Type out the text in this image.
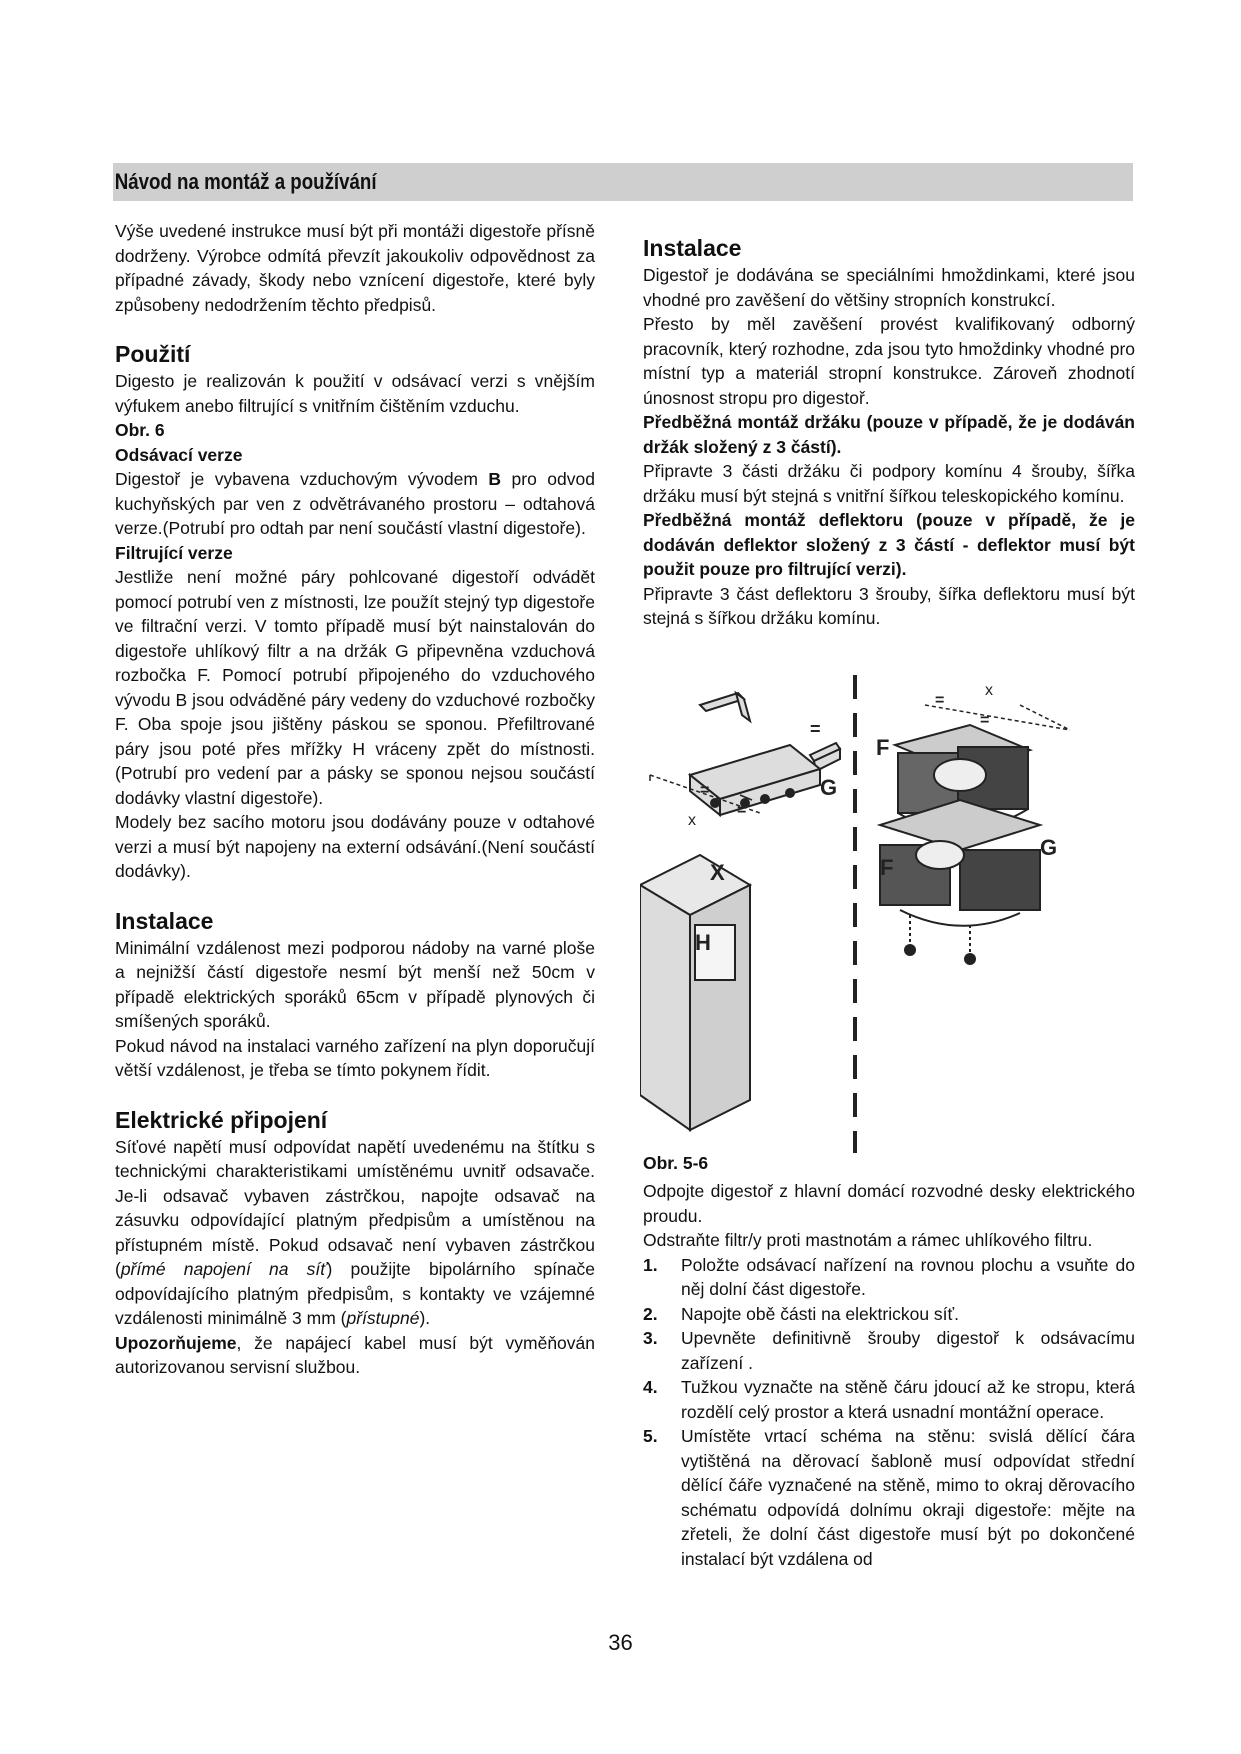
Návod na montáž a používání

Výše uvedené instrukce musí být při montáži digestoře přísně dodrženy. Výrobce odmítá převzít jakoukoliv odpovědnost za případné závady, škody nebo vznícení digestoře, které byly způsobeny nedodržením těchto předpisů.

Použití

Digesto je realizován k použití v odsávací verzi s vnějším výfukem anebo filtrující s vnitřním čištěním vzduchu.

Obr. 6
Odsávací verze

Digestoř je vybavena vzduchovým vývodem B pro odvod kuchyňských par ven z odvětrávaného prostoru – odtahová verze.(Potrubí pro odtah par není součástí vlastní digestoře).

Filtrující verze

Jestliže není možné páry pohlcované digestoří odvádět pomocí potrubí ven z místnosti, lze použít stejný typ digestoře ve filtrační verzi. V tomto případě musí být nainstalován do digestoře uhlíkový filtr a na držák G připevněna vzduchová rozbočka F. Pomocí potrubí připojeného do vzduchového vývodu B jsou odváděné páry vedeny do vzduchové rozbočky F. Oba spoje jsou jištěny páskou se sponou. Přefiltrované páry jsou poté přes mřížky H vráceny zpět do místnosti.(Potrubí pro vedení par a pásky se sponou nejsou součástí dodávky vlastní digestoře).

Modely bez sacího motoru jsou dodávány pouze v odtahové verzi a musí být napojeny na externí odsávání.(Není součástí dodávky).

Instalace

Minimální vzdálenost mezi podporou nádoby na varné ploše a nejnižší částí digestoře nesmí být menší než 50cm v případě elektrických sporáků 65cm v případě plynových či smíšených sporáků.

Pokud návod na instalaci varného zařízení na plyn doporučují větší vzdálenost, je třeba se tímto pokynem řídit.

Elektrické připojení

Síťové napětí musí odpovídat napětí uvedenému na štítku s technickými charakteristikami umístěnému uvnitř odsavače. Je-li odsavač vybaven zástrčkou, napojte odsavač na zásuvku odpovídající platným předpisům a umístěnou na přístupném místě. Pokud odsavač není vybaven zástrčkou (přímé napojení na síť) použijte bipolárního spínače odpovídajícího platným předpisům, s kontakty ve vzájemné vzdálenosti minimálně 3 mm (přístupné).

Upozorňujeme, že napájecí kabel musí být vyměňován autorizovanou servisní službou.

Instalace

Digestoř je dodávána se speciálními hmoždinkami, které jsou vhodné pro zavěšení do většiny stropních konstrukcí.

Přesto by měl zavěšení provést kvalifikovaný odborný pracovník, který rozhodne, zda jsou tyto hmoždinky vhodné pro místní typ a materiál stropní konstrukce. Zároveň zhodnotí únosnost stropu pro digestoř.

Předběžná montáž držáku (pouze v případě, že je dodáván držák složený z 3 částí).

Připravte 3 části držáku či podpory komínu 4 šrouby, šířka držáku musí být stejná s vnitřní šířkou teleskopického komínu.

Předběžná montáž deflektoru (pouze v případě, že je dodáván deflektor složený z 3 částí - deflektor musí být použit pouze pro filtrující verzi).

Připravte 3 část deflektoru 3 šrouby, šířka deflektoru musí být stejná s šířkou držáku komínu.

=
=
=
x
G
F
=
x
=
X
H
F
G
Obr. 5-6

Odpojte digestoř z hlavní domácí rozvodné desky elektrického proudu.

Odstraňte filtr/y proti mastnotám a rámec uhlíkového filtru.

1. Položte odsávací nařízení na rovnou plochu a vsuňte do něj dolní část digestoře.
2. Napojte obě části na elektrickou síť.
3. Upevněte definitivně šrouby digestoř k odsávacímu zařízení .
4. Tužkou vyznačte na stěně čáru jdoucí až ke stropu, která rozdělí celý prostor a která usnadní montážní operace.
5. Umístěte vrtací schéma na stěnu: svislá dělící čára vytištěná na děrovací šabloně musí odpovídat střední dělící čáře vyznačené na stěně, mimo to okraj děrovacího schématu odpovídá dolnímu okraji digestoře: mějte na zřeteli, že dolní část digestoře musí být po dokončené instalací být vzdálena od
36
